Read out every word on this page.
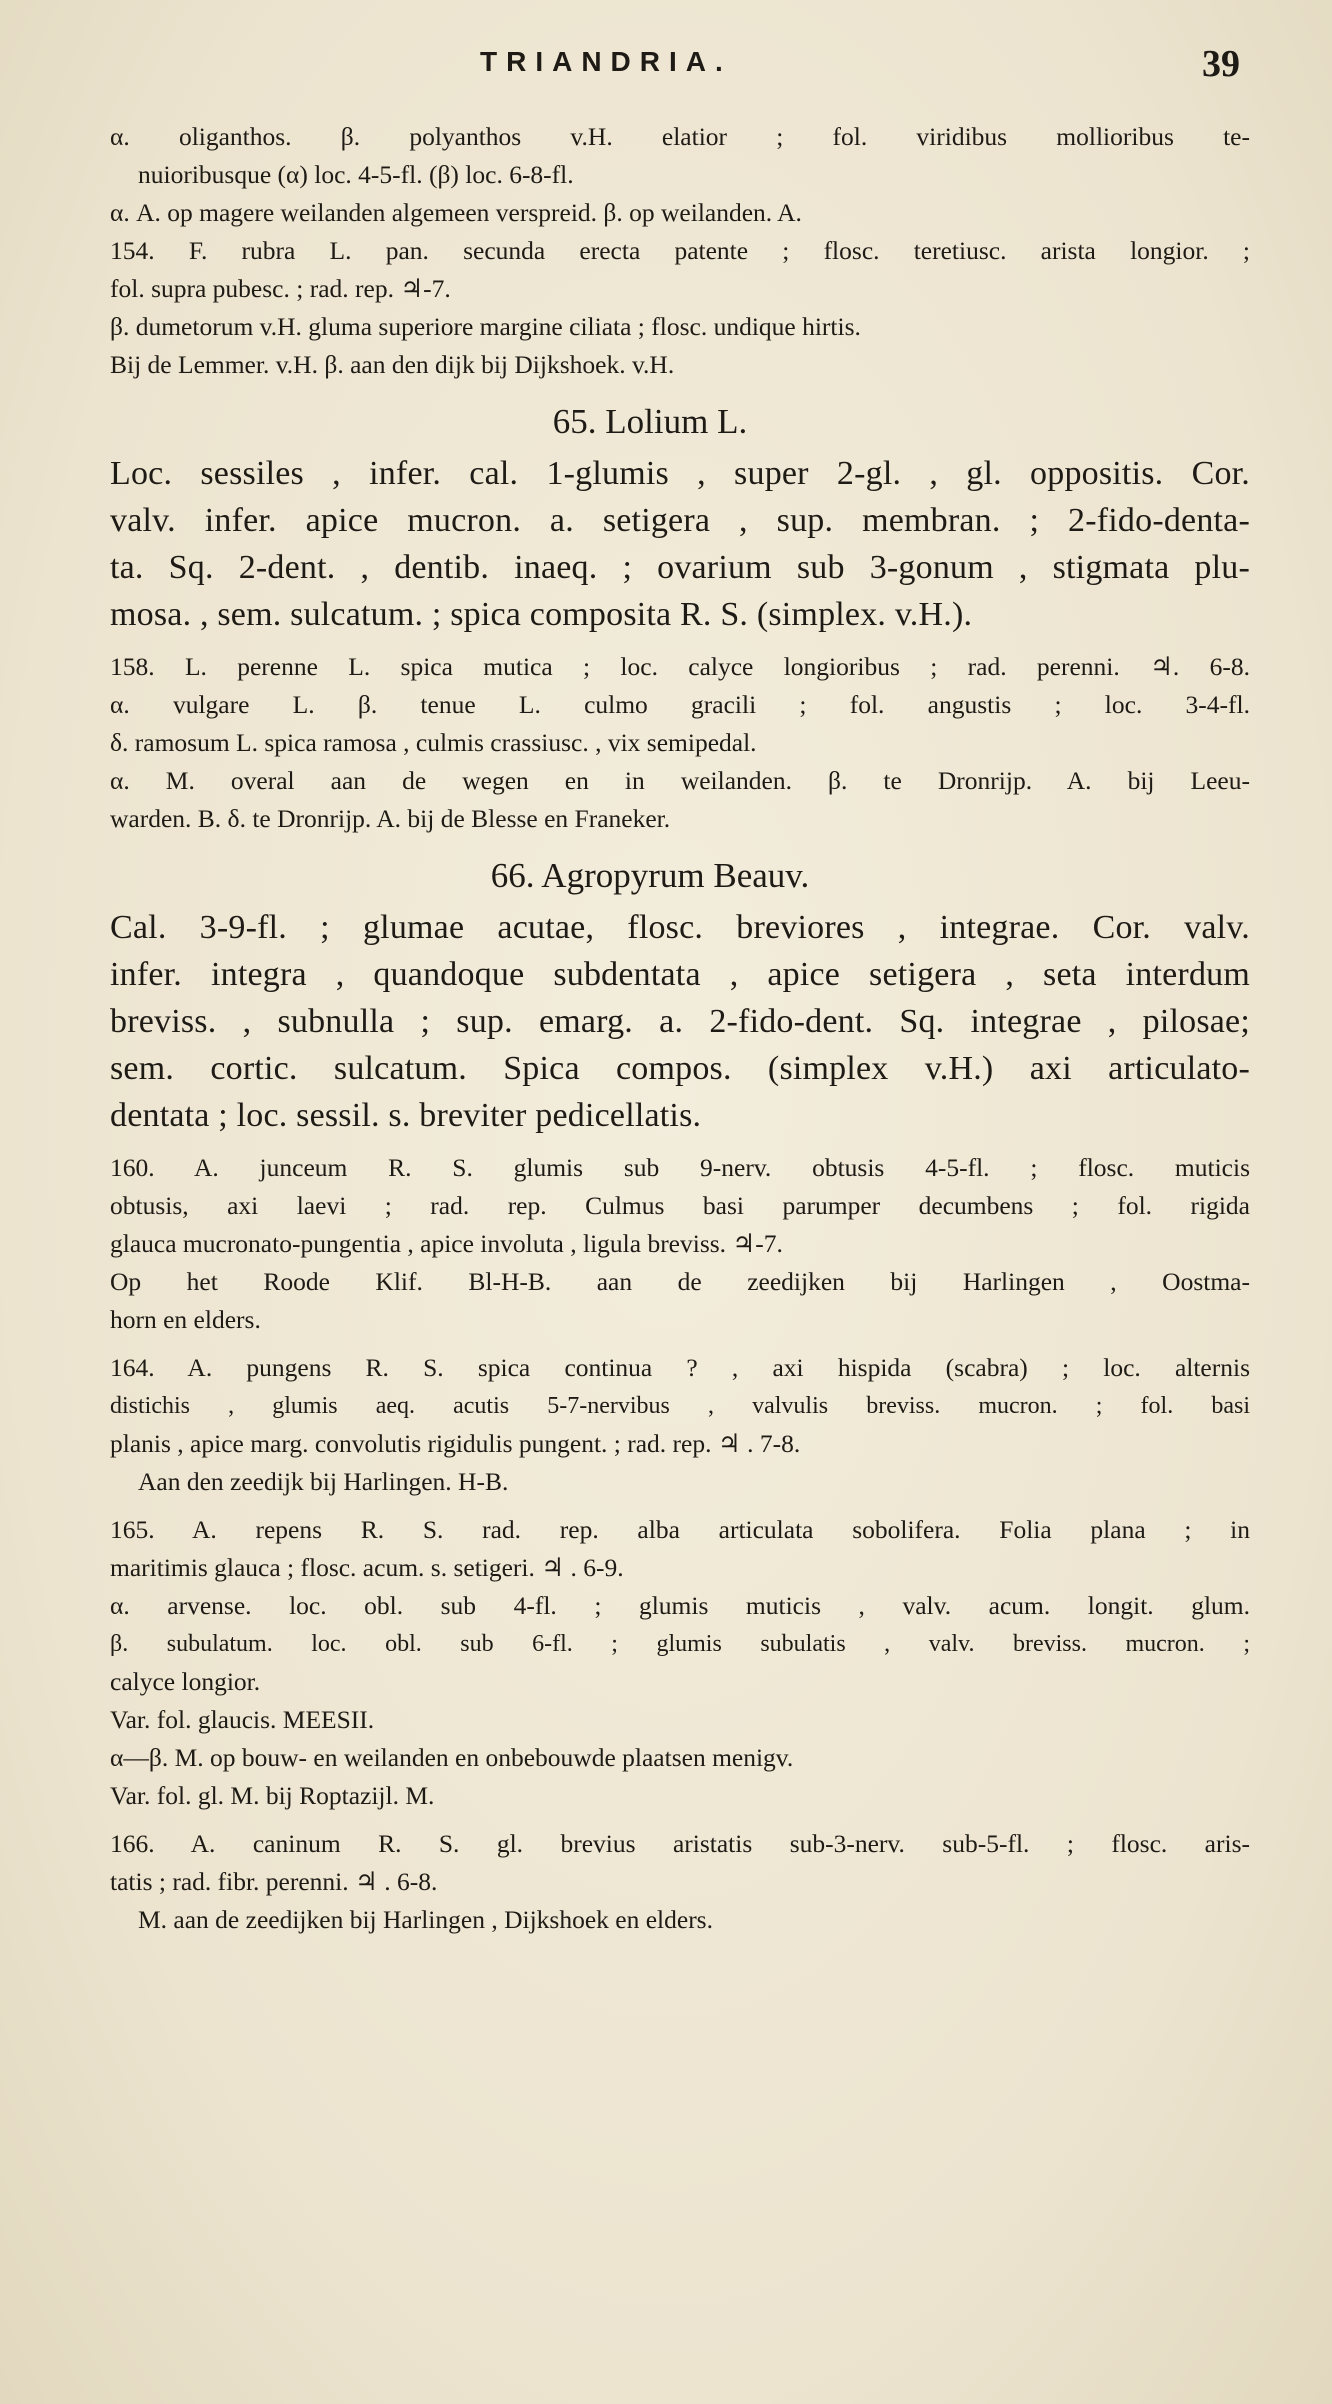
TRIANDRIA.	39
α. oliganthos. β. polyanthos v.H. elatior ; fol. viridibus mollioribus te-
nuioribusque (α) loc. 4-5-fl. (β) loc. 6-8-fl.
α. A. op magere weilanden algemeen verspreid. β. op weilanden. A.
154. F. rubra L. pan. secunda erecta patente ; flosc. teretiusc. arista longior. ;
fol. supra pubesc. ; rad. rep. ♃-7.
β. dumetorum v.H. gluma superiore margine ciliata ; flosc. undique hirtis.
Bij de Lemmer. v.H. β. aan den dijk bij Dijkshoek. v.H.
65. Lolium L.
Loc. sessiles , infer. cal. 1-glumis , super 2-gl. , gl. oppositis. Cor.
valv. infer. apice mucron. a. setigera , sup. membran. ; 2-fido-denta-
ta. Sq. 2-dent. , dentib. inaeq. ; ovarium sub 3-gonum , stigmata plu-
mosa. , sem. sulcatum. ; spica composita R. S. (simplex. v.H.).
158. L. perenne L. spica mutica ; loc. calyce longioribus ; rad. perenni. ♃. 6-8.
α. vulgare L. β. tenue L. culmo gracili ; fol. angustis ; loc. 3-4-fl.
δ. ramosum L. spica ramosa , culmis crassiusc. , vix semipedal.
α. M. overal aan de wegen en in weilanden. β. te Dronrijp. A. bij Leeu-
warden. B. δ. te Dronrijp. A. bij de Blesse en Franeker.
66. Agropyrum Beauv.
Cal. 3-9-fl. ; glumae acutae, flosc. breviores , integrae. Cor. valv.
infer. integra , quandoque subdentata , apice setigera , seta interdum
breviss. , subnulla ; sup. emarg. a. 2-fido-dent. Sq. integrae , pilosae;
sem. cortic. sulcatum. Spica compos. (simplex v.H.) axi articulato-
dentata ; loc. sessil. s. breviter pedicellatis.
160. A. junceum R. S. glumis sub 9-nerv. obtusis 4-5-fl. ; flosc. muticis
obtusis, axi laevi ; rad. rep. Culmus basi parumper decumbens ; fol. rigida
glauca mucronato-pungentia , apice involuta , ligula breviss. ♃-7.
Op het Roode Klif. Bl-H-B. aan de zeedijken bij Harlingen , Oostma-
horn en elders.
164. A. pungens R. S. spica continua ? , axi hispida (scabra) ; loc. alternis
distichis , glumis aeq. acutis 5-7-nervibus , valvulis breviss. mucron. ; fol. basi
planis , apice marg. convolutis rigidulis pungent. ; rad. rep. ♃ . 7-8.
Aan den zeedijk bij Harlingen. H-B.
165. A. repens R. S. rad. rep. alba articulata sobolifera. Folia plana ; in
maritimis glauca ; flosc. acum. s. setigeri. ♃ . 6-9.
α. arvense. loc. obl. sub 4-fl. ; glumis muticis , valv. acum. longit. glum.
β. subulatum. loc. obl. sub 6-fl. ; glumis subulatis , valv. breviss. mucron. ;
calyce longior.
Var. fol. glaucis. MEESII.
α—β. M. op bouw- en weilanden en onbebouwde plaatsen menigv.
Var. fol. gl. M. bij Roptazijl. M.
166. A. caninum R. S. gl. brevius aristatis sub-3-nerv. sub-5-fl. ; flosc. aris-
tatis ; rad. fibr. perenni. ♃ . 6-8.
M. aan de zeedijken bij Harlingen , Dijkshoek en elders.
